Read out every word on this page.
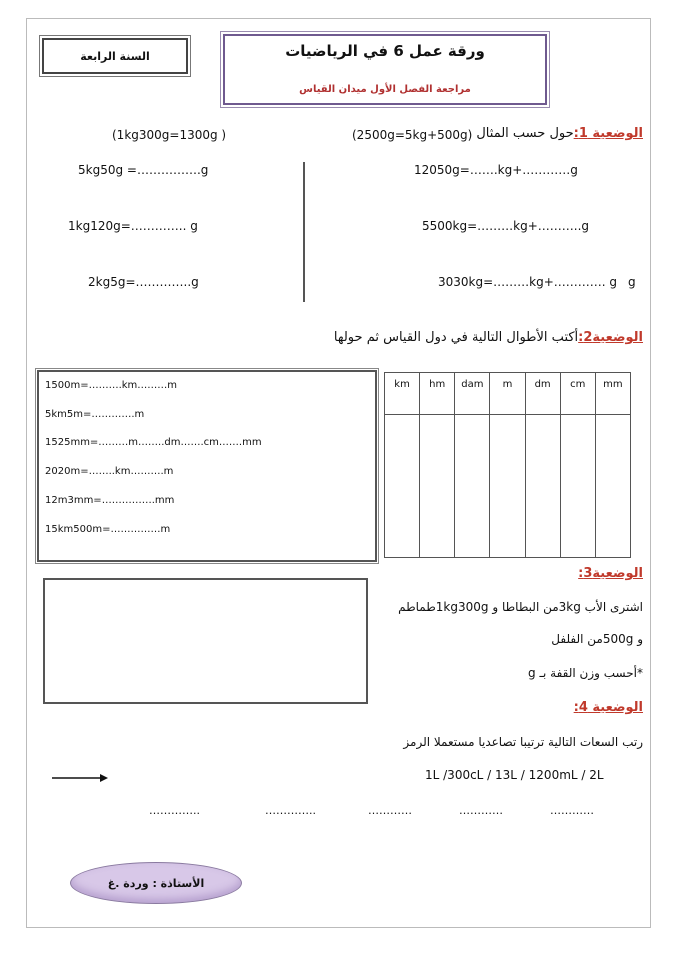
السنة الرابعة	ورقة عمل 6 في الرياضيات
مراجعة الفصل الأول ميدان القياس
الوضعية 1:حول حسب المثال
(2500g=5kg+500g)
(1kg300g=1300g )
12050g=…….kg+…………g
5500kg=………kg+………..g
3030kg=………kg+…………. g g
5kg50g =…………….g
1kg120g=………….. g
2kg5g=…………..g
الوضعية2:أكتب الأطوال التالية في دول القياس ثم حولها
1500m=……….km………m
5km5m=………….m
1525mm=………m……..dm…….cm…….mm
2020m=……..km……….m
12m3mm=…………….mm
15km500m=……………m
km	hm	dam	m	dm	cm	mm

الوضعية3:
اشترى الأب 3kgمن البطاطا و 1kg300gطماطم
و 500gمن الفلفل
*أحسب وزن القفة بـ g
الوضعية 4:
رتب السعات التالية ترتيبا تصاعديا مستعملا الرمز
1L /300cL / 13L / 1200mL / 2L
…………..	…………..	…………	…………	…………
الأستاذة : وردة .غ
